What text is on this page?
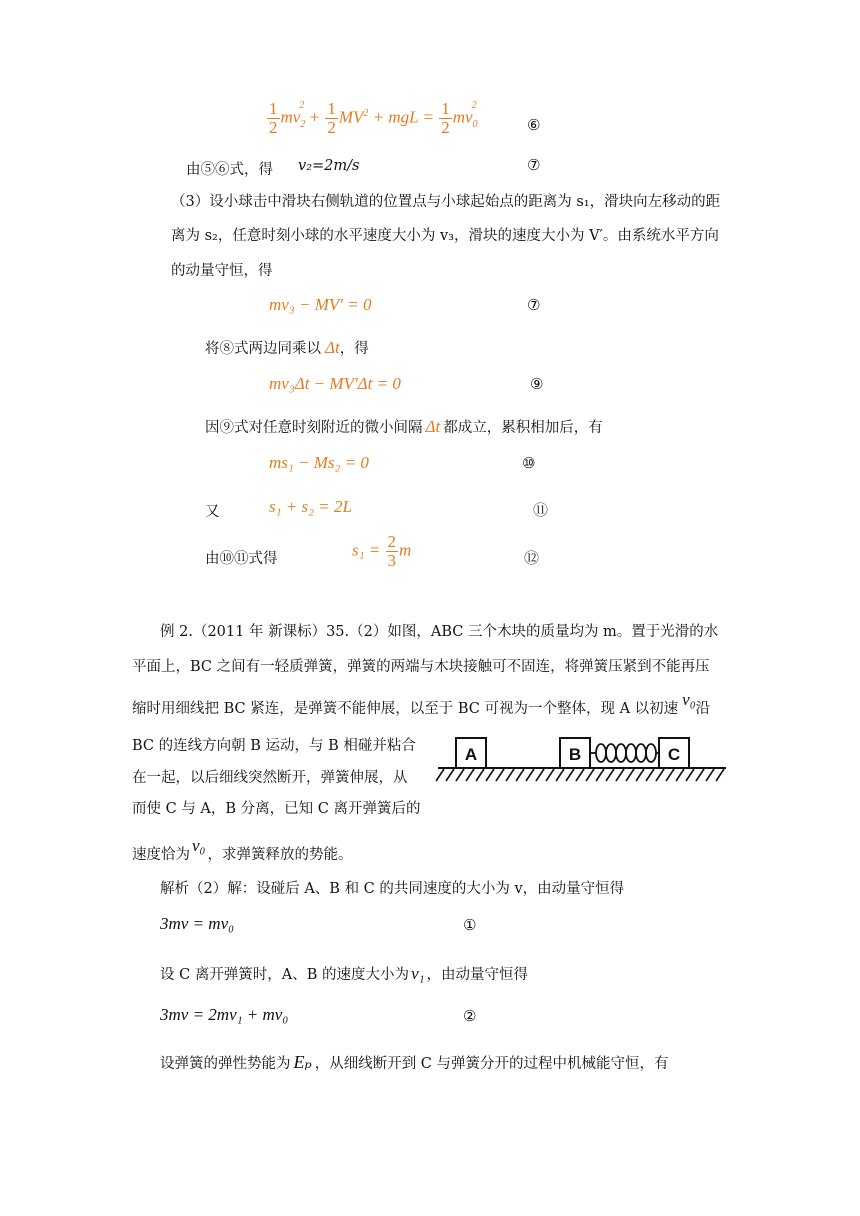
$\frac{1}{2} mv_2^2 + \frac{1}{2} MV^2$ + mgL = $\frac{1}{2} mv_0^2$
⑥
由⑤⑥式，得 v₂=2m/s	⑦
（3）设小球击中滑块右侧轨道的位置点与小球起始点的距离为 s₁，滑块向左移动的距
离为 s₂，任意时刻小球的水平速度大小为 v₃，滑块的速度大小为 V′。由系统水平方向
的动量守恒，得
mv₃ − MV′ = 0	⑦
将⑧式两边同乘以 Δt，得
mv₃Δt − MV′Δt = 0	⑨
因⑨式对任意时刻附近的微小间隔 Δt 都成立，累积相加后，有
ms₁ − Ms₂ = 0	⑩
又	s₁ + s₂ = 2L	⑪
由⑩⑪式得	$s_1 = \frac{2}{3}$ m	⑫
例 2.（2011 年 新课标）35.（2）如图，ABC 三个木块的质量均为 m。置于光滑的水
平面上，BC 之间有一轻质弹簧，弹簧的两端与木块接触可不固连，将弹簧压紧到不能再压
缩时用细线把 BC 紧连，是弹簧不能伸展，以至于 BC 可视为一个整体，现 A 以初速 v₀沿
BC 的连线方向朝 B 运动，与 B 相碰并粘合
在一起，以后细线突然断开，弹簧伸展，从
而使 C 与 A，B 分离，已知 C 离开弹簧后的
速度恰为 v₀ ，求弹簧释放的势能。
A	B	C
解析（2）解：设碰后 A、B 和 C 的共同速度的大小为 v，由动量守恒得
3mv = mv₀	①
设 C 离开弹簧时，A、B 的速度大小为 v₁ ，由动量守恒得
3mv = 2mv₁ + mv₀	②
设弹簧的弹性势能为 Eₚ ，从细线断开到 C 与弹簧分开的过程中机械能守恒，有
